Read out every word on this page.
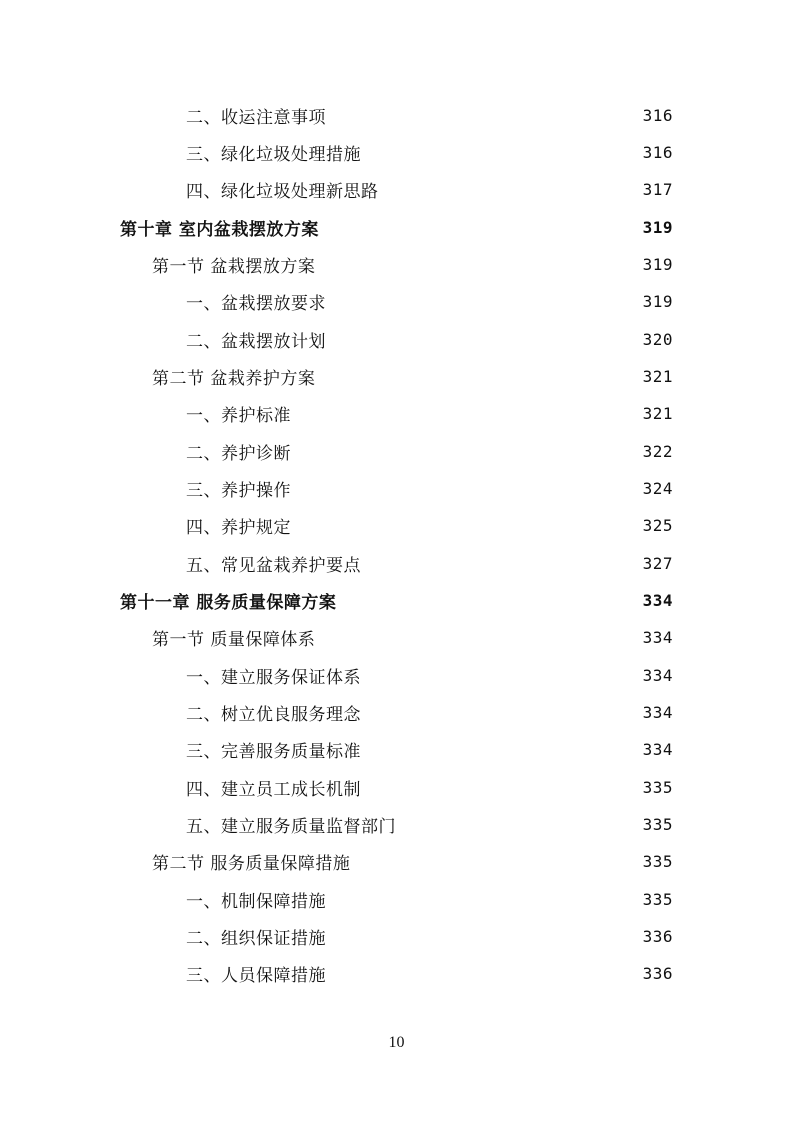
二、收运注意事项	316
三、绿化垃圾处理措施	316
四、绿化垃圾处理新思路	317
第十章 室内盆栽摆放方案	319
第一节 盆栽摆放方案	319
一、盆栽摆放要求	319
二、盆栽摆放计划	320
第二节 盆栽养护方案	321
一、养护标准	321
二、养护诊断	322
三、养护操作	324
四、养护规定	325
五、常见盆栽养护要点	327
第十一章 服务质量保障方案	334
第一节 质量保障体系	334
一、建立服务保证体系	334
二、树立优良服务理念	334
三、完善服务质量标准	334
四、建立员工成长机制	335
五、建立服务质量监督部门	335
第二节 服务质量保障措施	335
一、机制保障措施	335
二、组织保证措施	336
三、人员保障措施	336
10
